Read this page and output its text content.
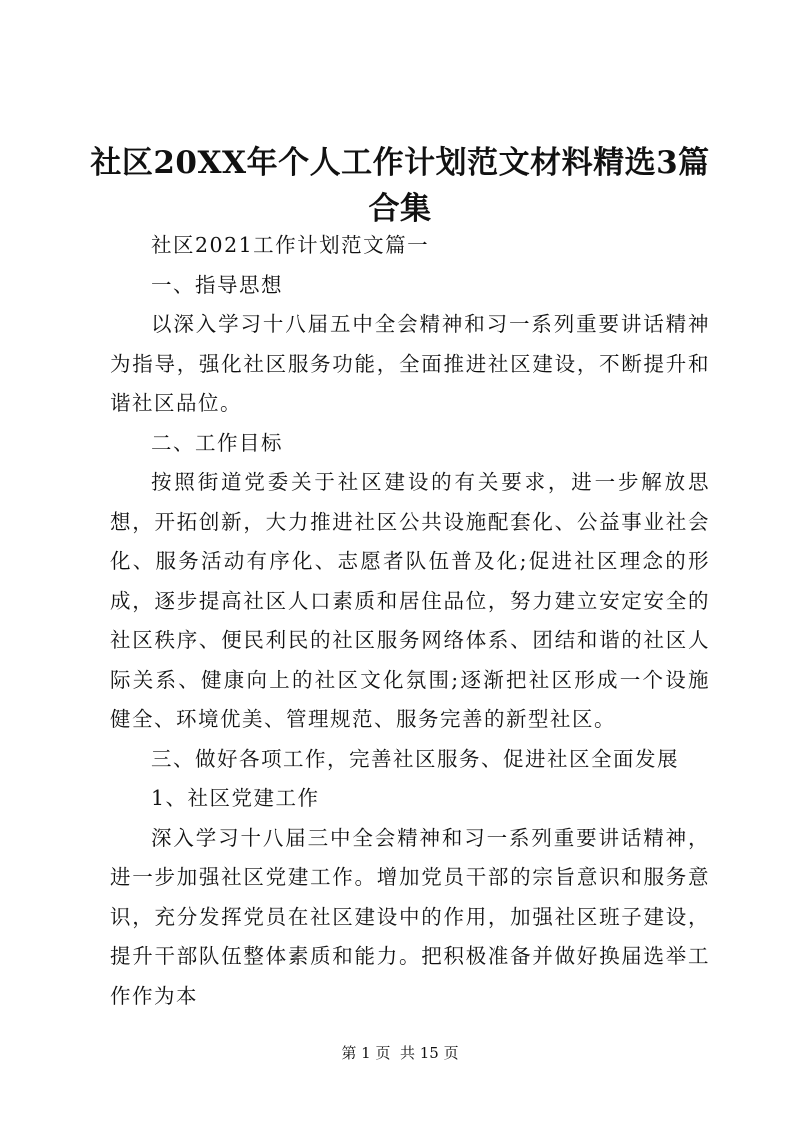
社区20XX年个人工作计划范文材料精选3篇合集

社区2021工作计划范文篇一

一、指导思想

以深入学习十八届五中全会精神和习一系列重要讲话精神为指导，强化社区服务功能，全面推进社区建设，不断提升和谐社区品位。

二、工作目标

按照街道党委关于社区建设的有关要求，进一步解放思想，开拓创新，大力推进社区公共设施配套化、公益事业社会化、服务活动有序化、志愿者队伍普及化;促进社区理念的形成，逐步提高社区人口素质和居住品位，努力建立安定安全的社区秩序、便民利民的社区服务网络体系、团结和谐的社区人际关系、健康向上的社区文化氛围;逐渐把社区形成一个设施健全、环境优美、管理规范、服务完善的新型社区。

三、做好各项工作，完善社区服务、促进社区全面发展

1、社区党建工作

深入学习十八届三中全会精神和习一系列重要讲话精神，进一步加强社区党建工作。增加党员干部的宗旨意识和服务意识，充分发挥党员在社区建设中的作用，加强社区班子建设，提升干部队伍整体素质和能力。把积极准备并做好换届选举工作作为本

第 1 页  共 15 页
